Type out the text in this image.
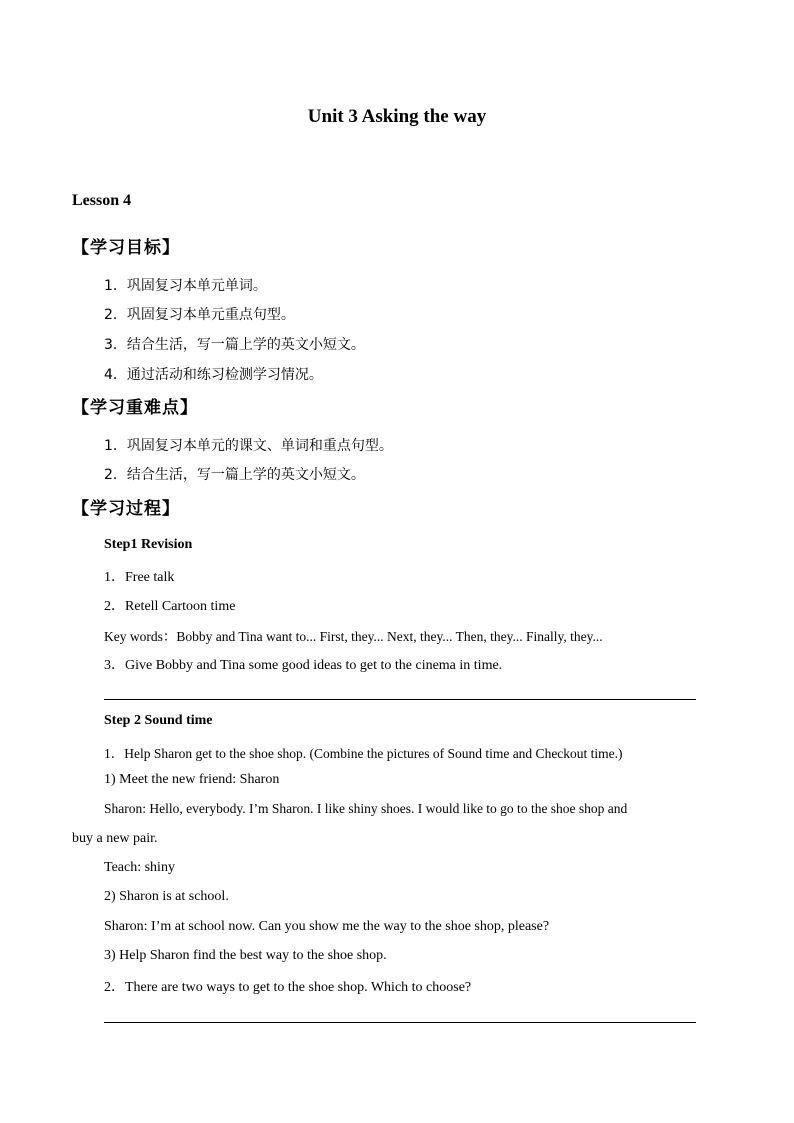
Unit 3 Asking the way
Lesson 4
【学习目标】
1．巩固复习本单元单词。
2．巩固复习本单元重点句型。
3．结合生活，写一篇上学的英文小短文。
4．通过活动和练习检测学习情况。
【学习重难点】
1．巩固复习本单元的课文、单词和重点句型。
2．结合生活，写一篇上学的英文小短文。
【学习过程】
Step1 Revision
1．Free talk
2．Retell Cartoon time
Key words：Bobby and Tina want to... First, they... Next, they... Then, they... Finally, they...
3．Give Bobby and Tina some good ideas to get to the cinema in time.
Step 2 Sound time
1．Help Sharon get to the shoe shop. (Combine the pictures of Sound time and Checkout time.)
1) Meet the new friend: Sharon
Sharon: Hello, everybody. I’m Sharon. I like shiny shoes. I would like to go to the shoe shop and
buy a new pair.
Teach: shiny
2) Sharon is at school.
Sharon: I’m at school now. Can you show me the way to the shoe shop, please?
3) Help Sharon find the best way to the shoe shop.
2．There are two ways to get to the shoe shop. Which to choose?
